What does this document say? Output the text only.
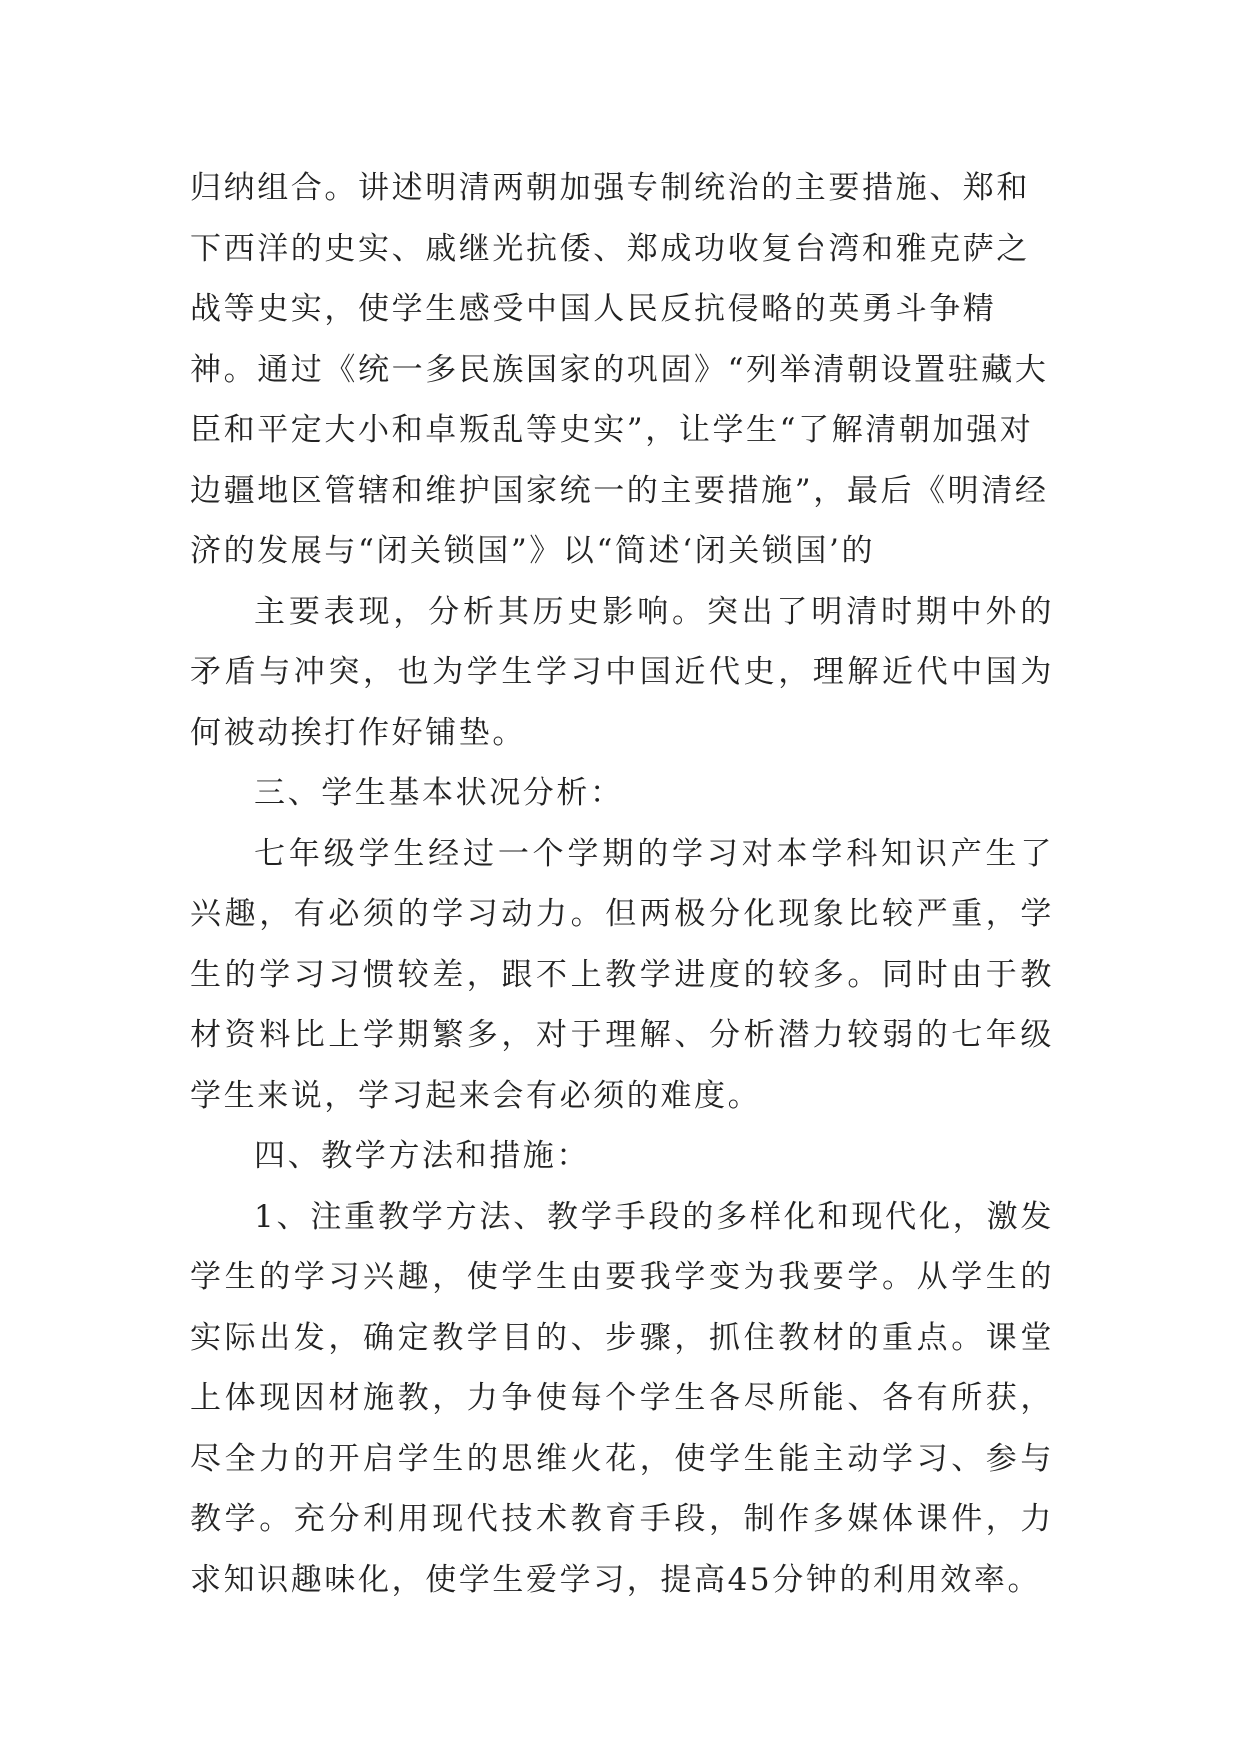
归纳组合。讲述明清两朝加强专制统治的主要措施、郑和下西洋的史实、戚继光抗倭、郑成功收复台湾和雅克萨之战等史实，使学生感受中国人民反抗侵略的英勇斗争精神。通过《统一多民族国家的巩固》“列举清朝设置驻藏大臣和平定大小和卓叛乱等史实”，让学生“了解清朝加强对边疆地区管辖和维护国家统一的主要措施”，最后《明清经济的发展与“闭关锁国”》以“简述‘闭关锁国’的

主要表现，分析其历史影响。突出了明清时期中外的矛盾与冲突，也为学生学习中国近代史，理解近代中国为何被动挨打作好铺垫。

三、学生基本状况分析：

七年级学生经过一个学期的学习对本学科知识产生了兴趣，有必须的学习动力。但两极分化现象比较严重，学生的学习习惯较差，跟不上教学进度的较多。同时由于教材资料比上学期繁多，对于理解、分析潜力较弱的七年级学生来说，学习起来会有必须的难度。

四、教学方法和措施：

1、注重教学方法、教学手段的多样化和现代化，激发学生的学习兴趣，使学生由要我学变为我要学。从学生的实际出发，确定教学目的、步骤，抓住教材的重点。课堂上体现因材施教，力争使每个学生各尽所能、各有所获，尽全力的开启学生的思维火花，使学生能主动学习、参与教学。充分利用现代技术教育手段，制作多媒体课件，力求知识趣味化，使学生爱学习，提高45分钟的利用效率。
